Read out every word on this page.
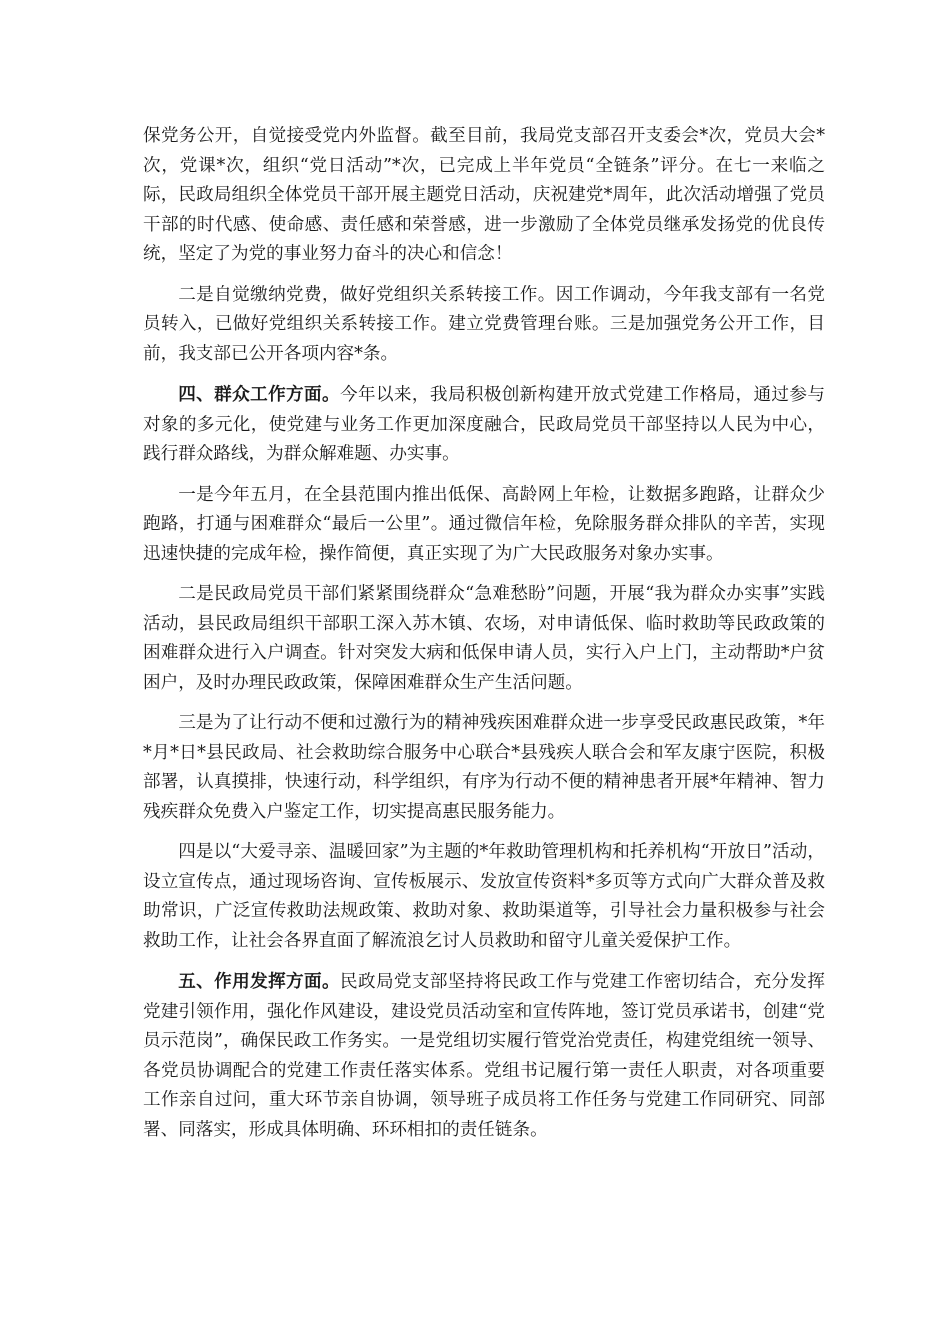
保党务公开，自觉接受党内外监督。截至目前，我局党支部召开支委会*次，党员大会*次，党课*次，组织“党日活动”*次，已完成上半年党员“全链条”评分。在七一来临之际，民政局组织全体党员干部开展主题党日活动，庆祝建党*周年，此次活动增强了党员干部的时代感、使命感、责任感和荣誉感，进一步激励了全体党员继承发扬党的优良传统，坚定了为党的事业努力奋斗的决心和信念！

二是自觉缴纳党费，做好党组织关系转接工作。因工作调动，今年我支部有一名党员转入，已做好党组织关系转接工作。建立党费管理台账。三是加强党务公开工作，目前，我支部已公开各项内容*条。

四、群众工作方面。今年以来，我局积极创新构建开放式党建工作格局，通过参与对象的多元化，使党建与业务工作更加深度融合，民政局党员干部坚持以人民为中心，践行群众路线，为群众解难题、办实事。

一是今年五月，在全县范围内推出低保、高龄网上年检，让数据多跑路，让群众少跑路，打通与困难群众“最后一公里”。通过微信年检，免除服务群众排队的辛苦，实现迅速快捷的完成年检，操作简便，真正实现了为广大民政服务对象办实事。

二是民政局党员干部们紧紧围绕群众“急难愁盼”问题，开展“我为群众办实事”实践活动，县民政局组织干部职工深入苏木镇、农场，对申请低保、临时救助等民政政策的困难群众进行入户调查。针对突发大病和低保申请人员，实行入户上门，主动帮助*户贫困户，及时办理民政政策，保障困难群众生产生活问题。

三是为了让行动不便和过激行为的精神残疾困难群众进一步享受民政惠民政策，*年*月*日*县民政局、社会救助综合服务中心联合*县残疾人联合会和军友康宁医院，积极部署，认真摸排，快速行动，科学组织，有序为行动不便的精神患者开展*年精神、智力残疾群众免费入户鉴定工作，切实提高惠民服务能力。

四是以“大爱寻亲、温暖回家”为主题的*年救助管理机构和托养机构“开放日”活动，设立宣传点，通过现场咨询、宣传板展示、发放宣传资料*多页等方式向广大群众普及救助常识，广泛宣传救助法规政策、救助对象、救助渠道等，引导社会力量积极参与社会救助工作，让社会各界直面了解流浪乞讨人员救助和留守儿童关爱保护工作。

五、作用发挥方面。民政局党支部坚持将民政工作与党建工作密切结合，充分发挥党建引领作用，强化作风建设，建设党员活动室和宣传阵地，签订党员承诺书，创建“党员示范岗”，确保民政工作务实。一是党组切实履行管党治党责任，构建党组统一领导、各党员协调配合的党建工作责任落实体系。党组书记履行第一责任人职责，对各项重要工作亲自过问，重大环节亲自协调，领导班子成员将工作任务与党建工作同研究、同部署、同落实，形成具体明确、环环相扣的责任链条。
